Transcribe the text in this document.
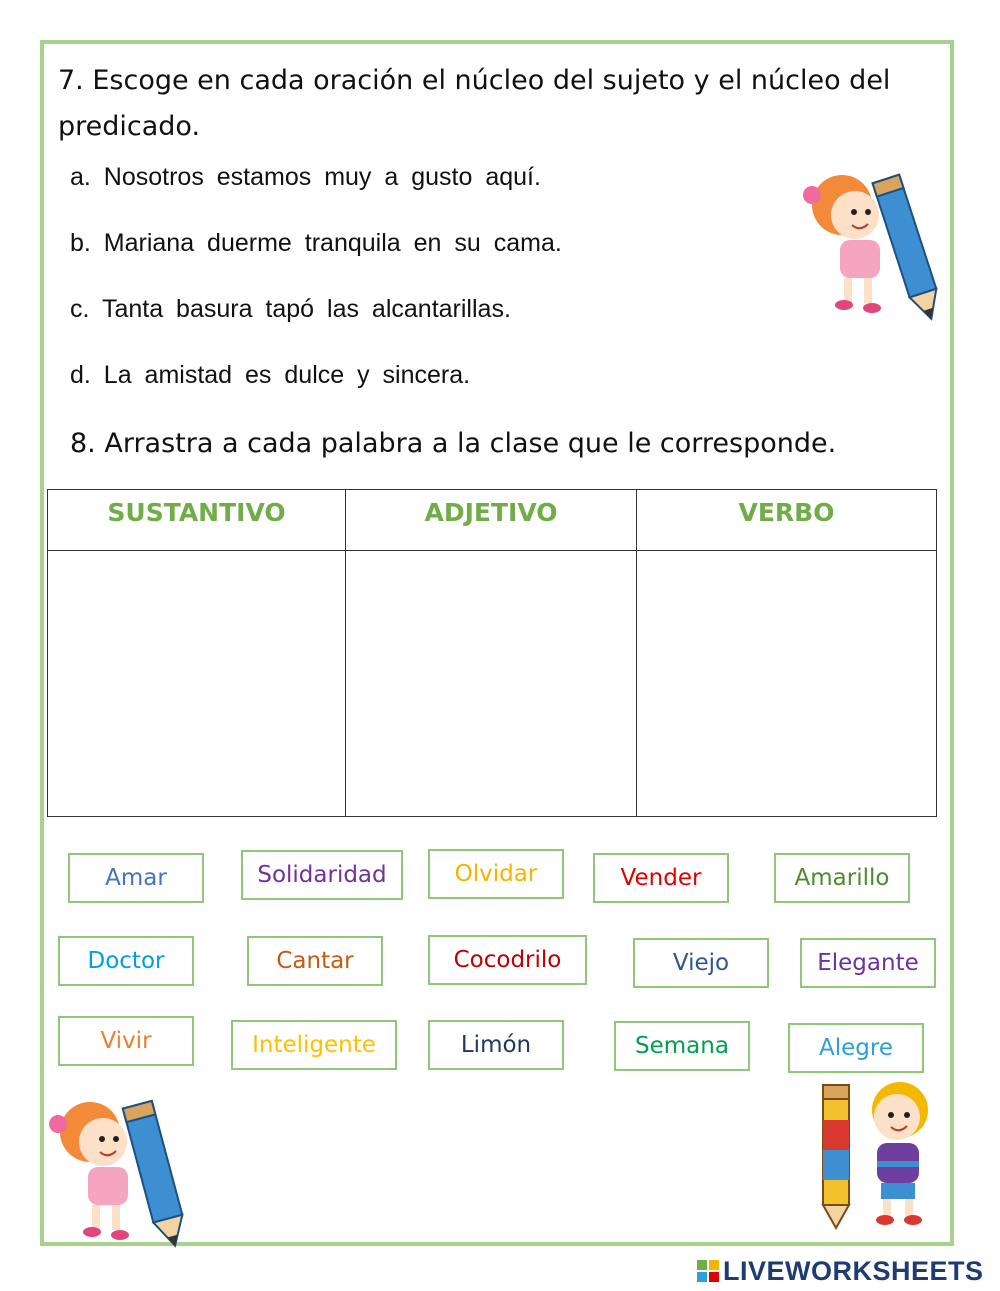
7. Escoge en cada oración el núcleo del sujeto y el núcleo del predicado.
a. Nosotros estamos muy a gusto aquí.
b. Mariana duerme tranquila en su cama.
c. Tanta basura tapó las alcantarillas.
d. La amistad es dulce y sincera.
8. Arrastra a cada palabra a la clase que le corresponde.
SUSTANTIVO	ADJETIVO	VERBO

Amar	Solidaridad	Olvidar	Vender	Amarillo
Doctor	Cantar	Cocodrilo	Viejo	Elegante
Vivir	Inteligente	Limón	Semana	Alegre
LIVEWORKSHEETS
